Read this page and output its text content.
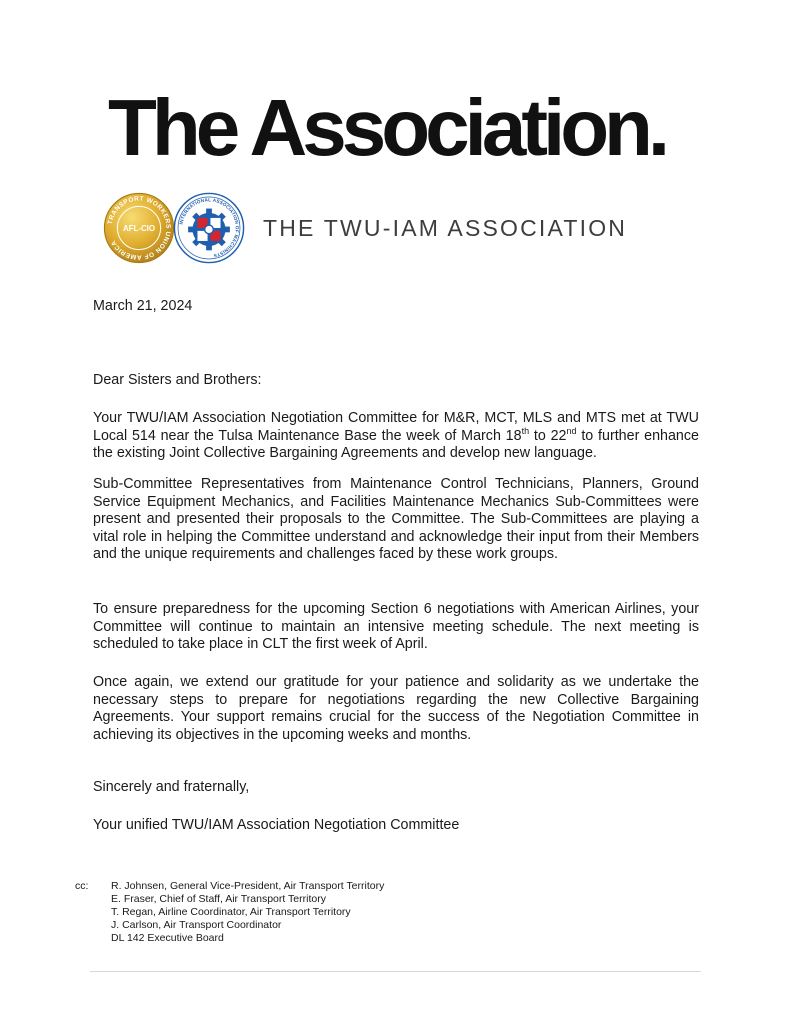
The Association.
TRANSPORT WORKERS UNION OF AMERICA
AFL-CIO
INTERNATIONAL ASSOCIATION OF MACHINISTS
THE TWU-IAM ASSOCIATION

March 21, 2024

Dear Sisters and Brothers:

Your TWU/IAM Association Negotiation Committee for M&R, MCT, MLS and MTS met at TWU Local 514 near the Tulsa Maintenance Base the week of March 18th to 22nd to further enhance the existing Joint Collective Bargaining Agreements and develop new language.

Sub-Committee Representatives from Maintenance Control Technicians, Planners, Ground Service Equipment Mechanics, and Facilities Maintenance Mechanics Sub-Committees were present and presented their proposals to the Committee. The Sub-Committees are playing a vital role in helping the Committee understand and acknowledge their input from their Members and the unique requirements and challenges faced by these work groups.

To ensure preparedness for the upcoming Section 6 negotiations with American Airlines, your Committee will continue to maintain an intensive meeting schedule. The next meeting is scheduled to take place in CLT the first week of April.

Once again, we extend our gratitude for your patience and solidarity as we undertake the necessary steps to prepare for negotiations regarding the new Collective Bargaining Agreements. Your support remains crucial for the success of the Negotiation Committee in achieving its objectives in the upcoming weeks and months.

Sincerely and fraternally,

Your unified TWU/IAM Association Negotiation Committee

cc: R. Johnsen, General Vice-President, Air Transport Territory
E. Fraser, Chief of Staff, Air Transport Territory
T. Regan, Airline Coordinator, Air Transport Territory
J. Carlson, Air Transport Coordinator
DL 142 Executive Board
